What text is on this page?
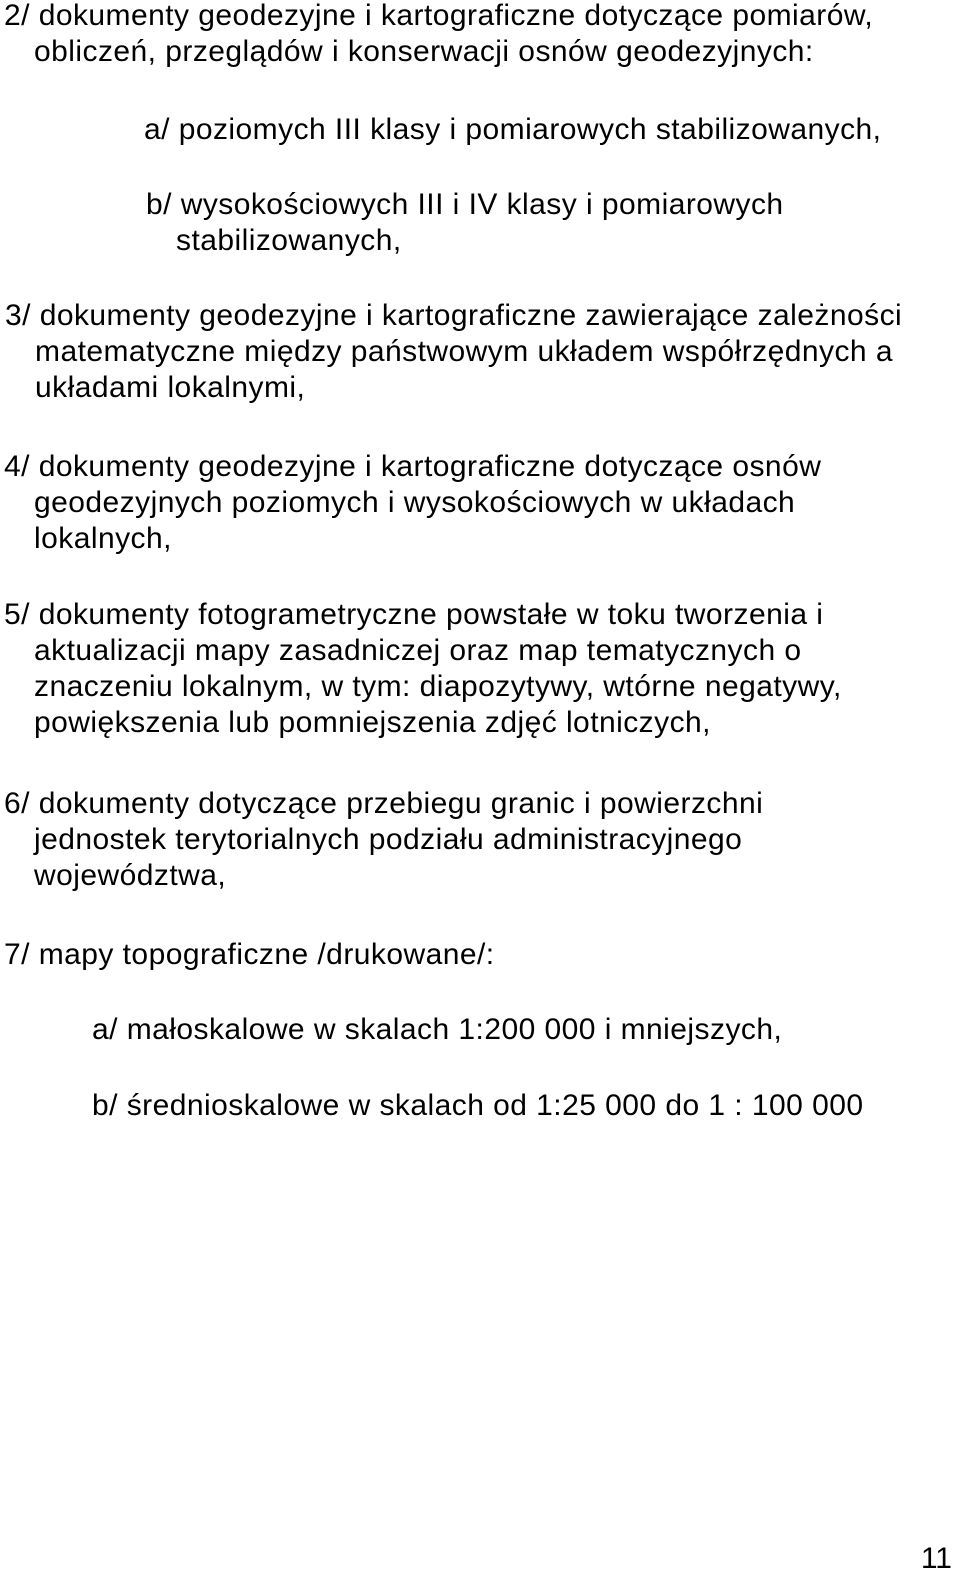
2/ dokumenty geodezyjne i kartograficzne dotyczące pomiarów,
obliczeń, przeglądów i konserwacji osnów geodezyjnych:

a/ poziomych III klasy i pomiarowych stabilizowanych,

b/ wysokościowych III i IV klasy i pomiarowych
stabilizowanych,

3/ dokumenty geodezyjne i kartograficzne zawierające zależności
matematyczne między państwowym układem współrzędnych a
układami lokalnymi,

4/ dokumenty geodezyjne i kartograficzne dotyczące osnów
geodezyjnych poziomych i wysokościowych w układach
lokalnych,

5/ dokumenty fotogrametryczne powstałe w toku tworzenia i
aktualizacji mapy zasadniczej oraz map tematycznych o
znaczeniu lokalnym, w tym: diapozytywy, wtórne negatywy,
powiększenia lub pomniejszenia zdjęć lotniczych,

6/ dokumenty dotyczące przebiegu granic i powierzchni
jednostek terytorialnych podziału administracyjnego
województwa,

7/ mapy topograficzne /drukowane/:

a/ małoskalowe w skalach 1:200 000 i mniejszych,

b/ średnioskalowe w skalach od 1:25 000 do 1 : 100 000

11
